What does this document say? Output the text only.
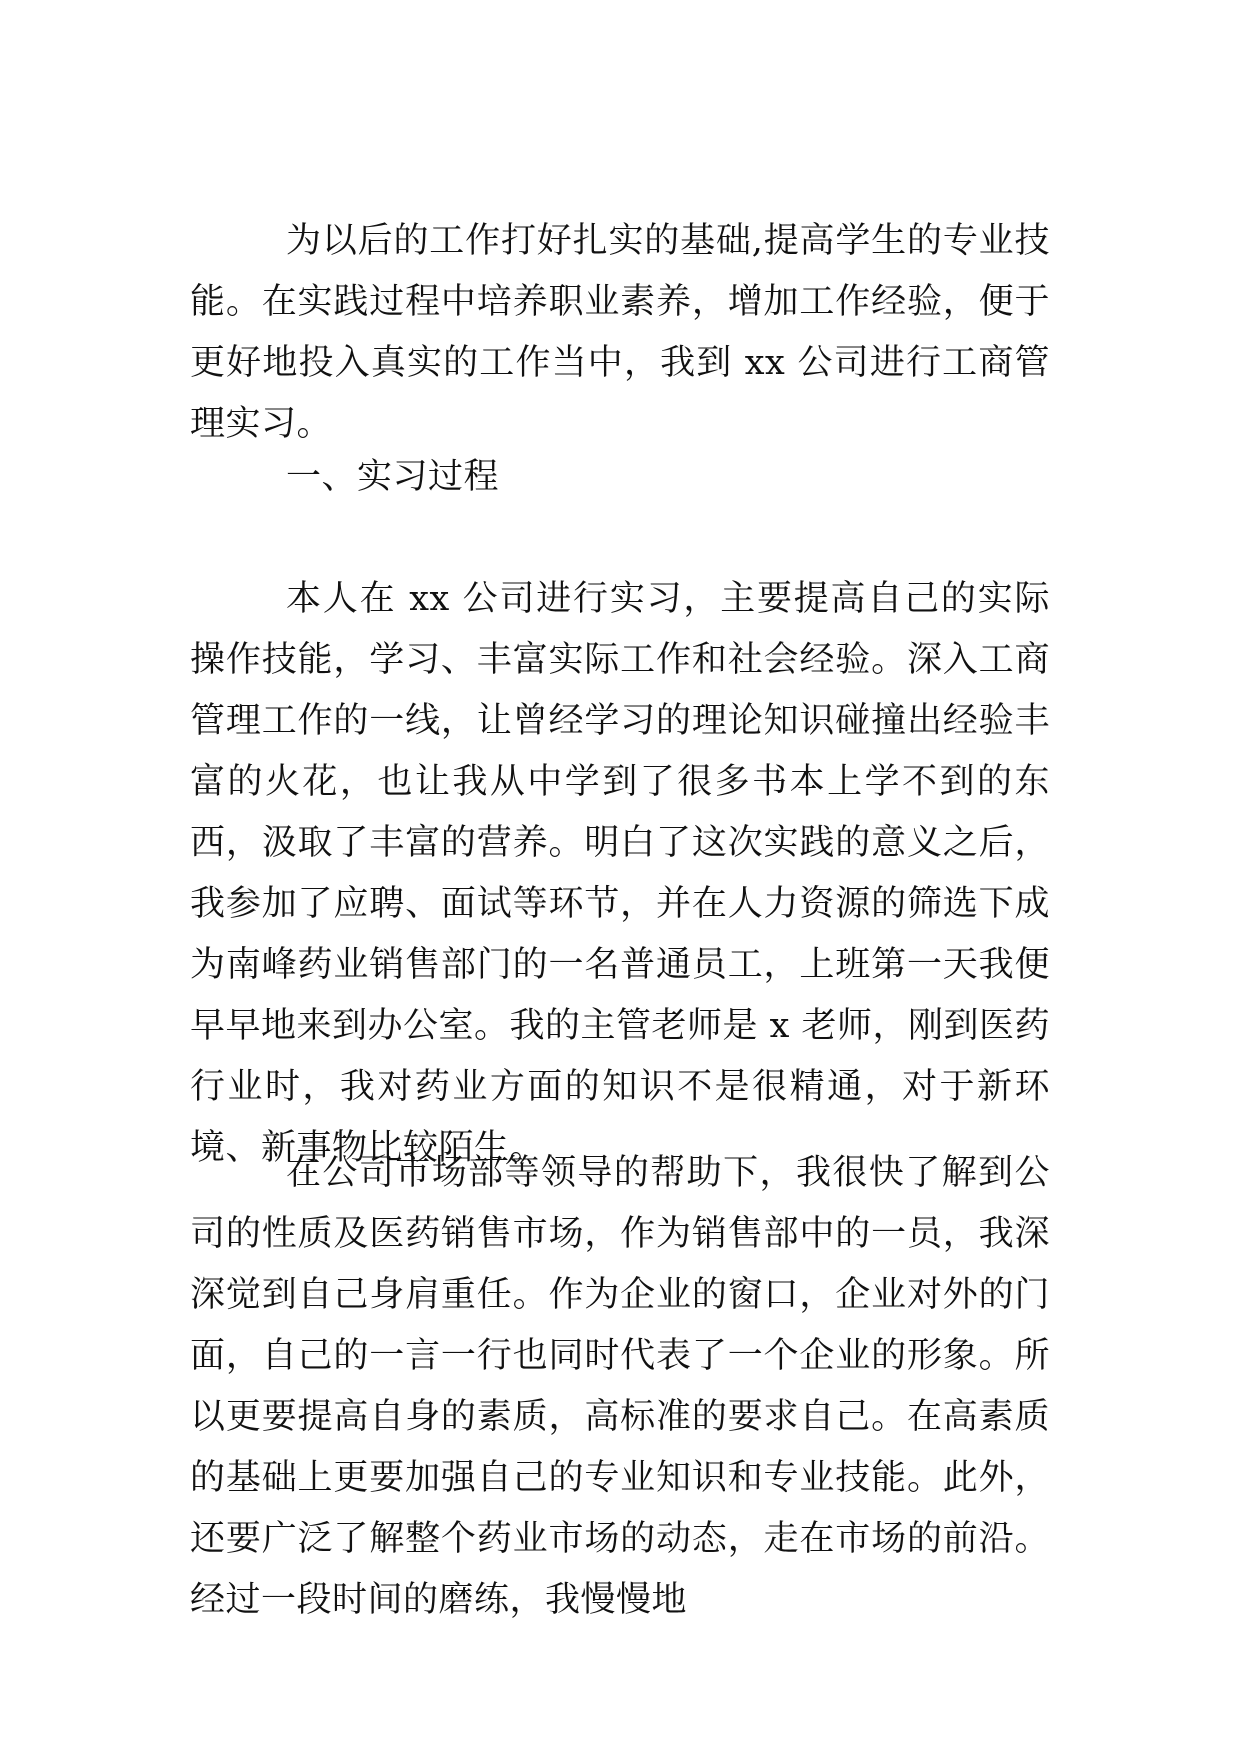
为以后的工作打好扎实的基础,提高学生的专业技能。在实践过程中培养职业素养，增加工作经验，便于更好地投入真实的工作当中，我到 xx 公司进行工商管理实习。

一、实习过程

本人在 xx 公司进行实习，主要提高自己的实际操作技能，学习、丰富实际工作和社会经验。深入工商管理工作的一线，让曾经学习的理论知识碰撞出经验丰富的火花，也让我从中学到了很多书本上学不到的东西，汲取了丰富的营养。明白了这次实践的意义之后，我参加了应聘、面试等环节，并在人力资源的筛选下成为南峰药业销售部门的一名普通员工，上班第一天我便早早地来到办公室。我的主管老师是 x 老师，刚到医药行业时，我对药业方面的知识不是很精通，对于新环境、新事物比较陌生。

在公司市场部等领导的帮助下，我很快了解到公司的性质及医药销售市场，作为销售部中的一员，我深深觉到自己身肩重任。作为企业的窗口，企业对外的门面，自己的一言一行也同时代表了一个企业的形象。所以更要提高自身的素质，高标准的要求自己。在高素质的基础上更要加强自己的专业知识和专业技能。此外，还要广泛了解整个药业市场的动态，走在市场的前沿。经过一段时间的磨练，我慢慢地
